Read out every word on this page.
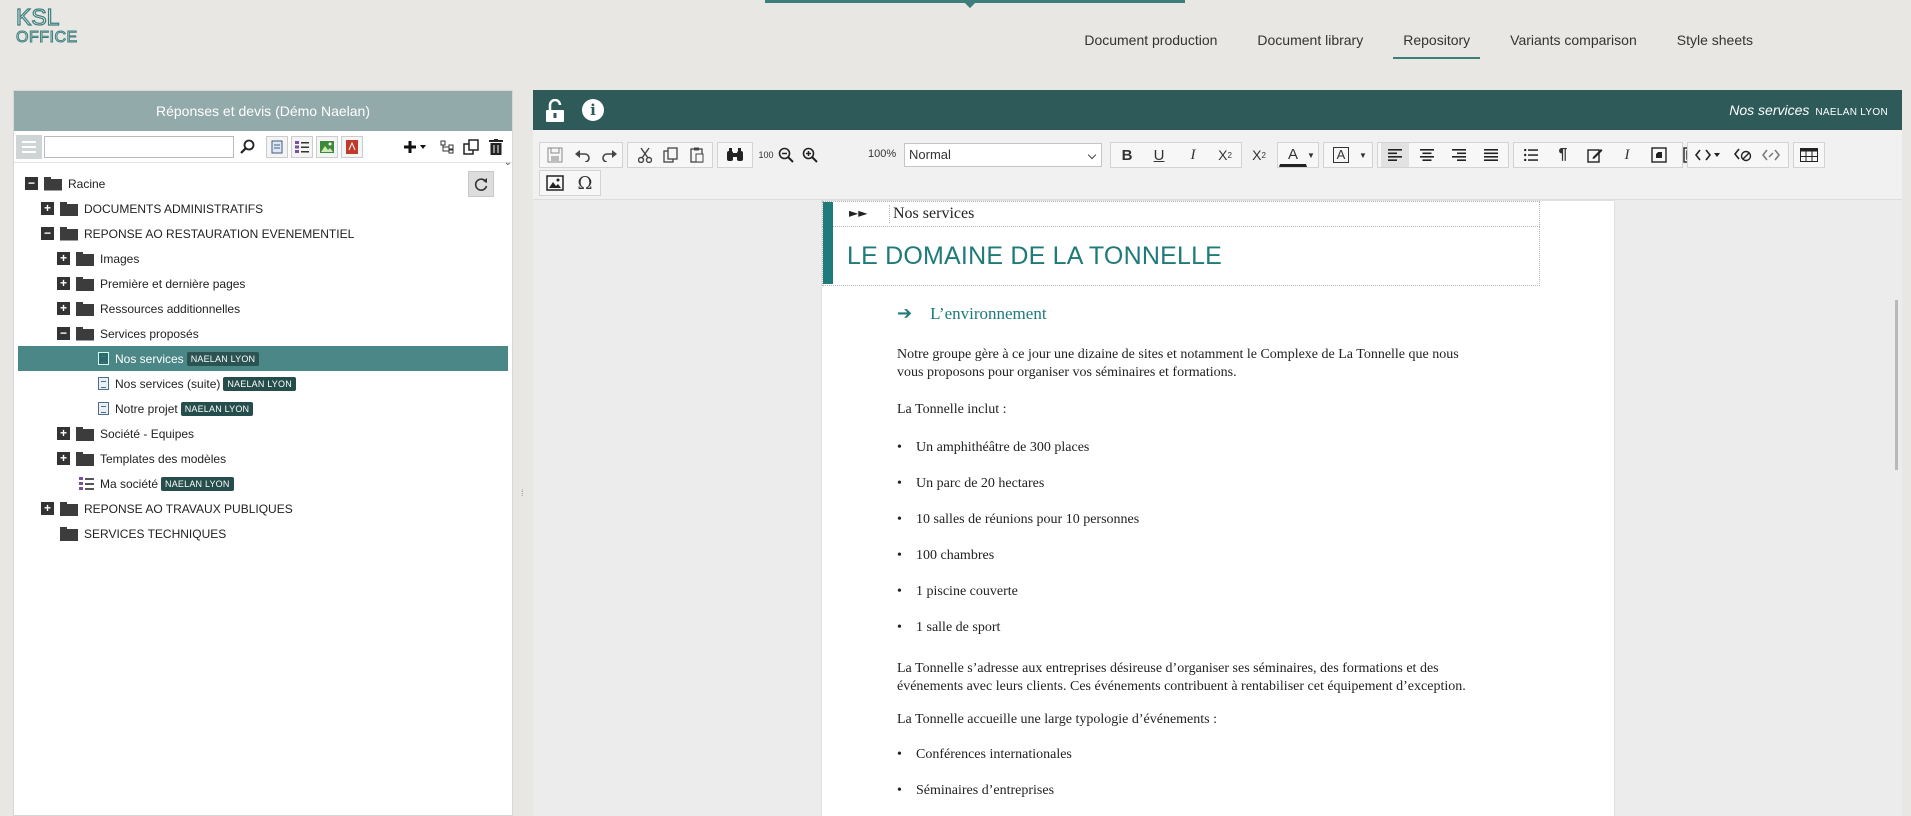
KSL
OFFICE	Document production	Document library	Repository	Variants comparison	Style sheets
Réponses et devis (Démo Naelan)
⌄
−	Racine
+	DOCUMENTS ADMINISTRATIFS
−	REPONSE AO RESTAURATION EVENEMENTIEL
+	Images
+	Première et dernière pages
+	Ressources additionnelles
−	Services proposés
Nos services NAELAN LYON
Nos services (suite) NAELAN LYON
Notre projet NAELAN LYON
+	Société - Equipes
+	Templates des modèles
Ma société NAELAN LYON
+	REPONSE AO TRAVAUX PUBLIQUES
SERVICES TECHNIQUES
⁞
i	Nos services NAELAN LYON
100	100% Normal	B	U	I	X 2	X 2	A	▼	A	▼	¶	I
Ω
►► Nos services
LE DOMAINE DE LA TONNELLE
➔ L’environnement
Notre groupe gère à ce jour une dizaine de sites et notamment le Complexe de La Tonnelle que nous
vous proposons pour organiser vos séminaires et formations.
La Tonnelle inclut :
• Un amphithéâtre de 300 places
• Un parc de 20 hectares
• 10 salles de réunions pour 10 personnes
• 100 chambres
• 1 piscine couverte
• 1 salle de sport
La Tonnelle s’adresse aux entreprises désireuse d’organiser ses séminaires, des formations et des
événements avec leurs clients. Ces événements contribuent à rentabiliser cet équipement d’exception.
La Tonnelle accueille une large typologie d’événements :
• Conférences internationales
• Séminaires d’entreprises
